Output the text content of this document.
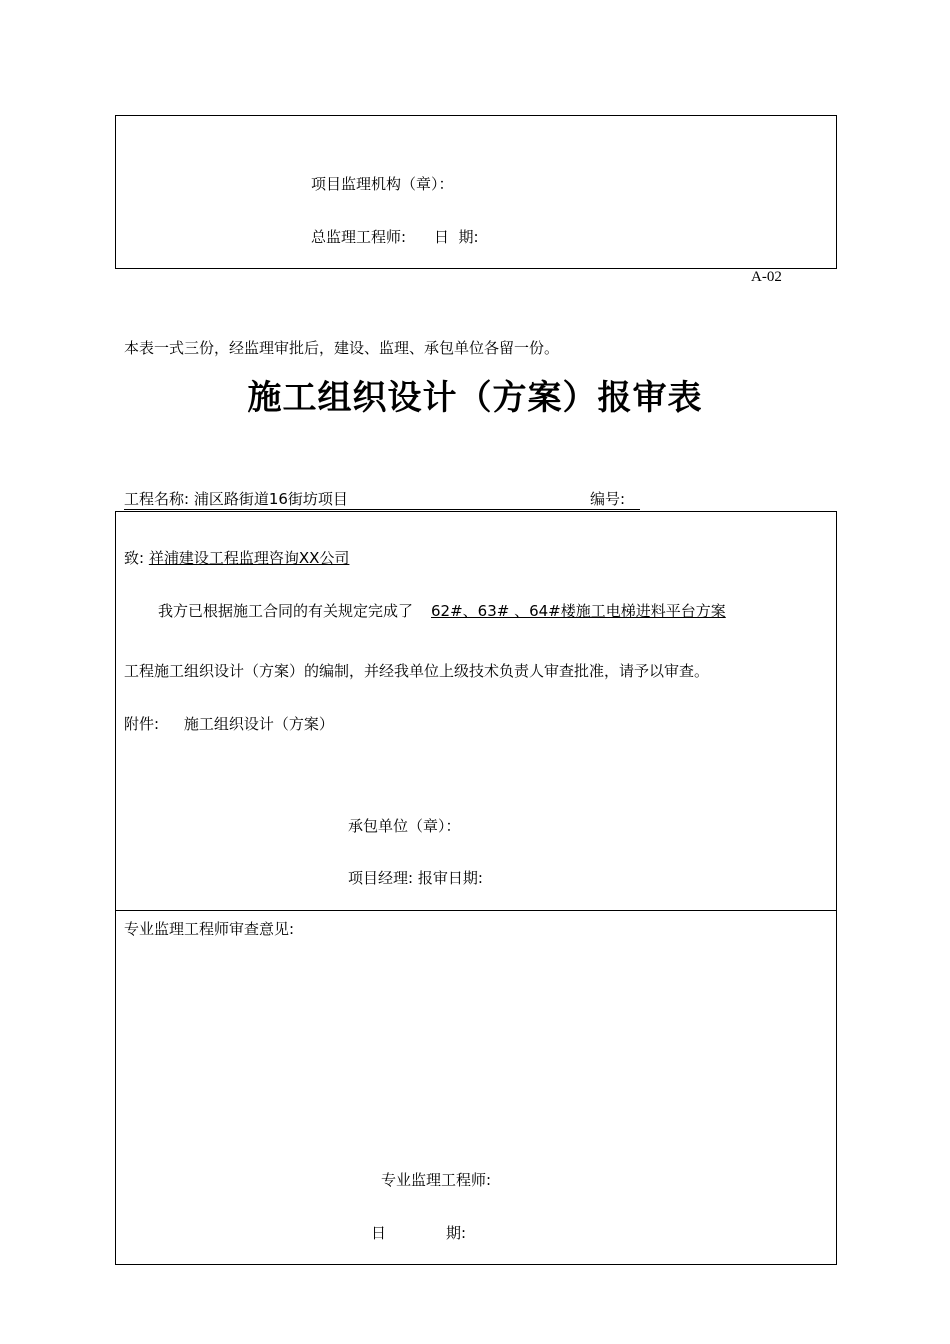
项目监理机构（章）：
总监理工程师: 日  期:
A-02
本表一式三份，经监理审批后，建设、监理、承包单位各留一份。
施工组织设计（方案）报审表
工程名称: 浦区路街道16街坊项目	编号:
致: 祥浦建设工程监理咨询XX公司
我方已根据施工合同的有关规定完成了 62#、63# 、64#楼施工电梯进料平台方案
工程施工组织设计（方案）的编制，并经我单位上级技术负责人审查批准，请予以审查。
附件: 施工组织设计（方案）
承包单位（章）：
项目经理: 报审日期:
专业监理工程师审查意见:
专业监理工程师:
日	期:
